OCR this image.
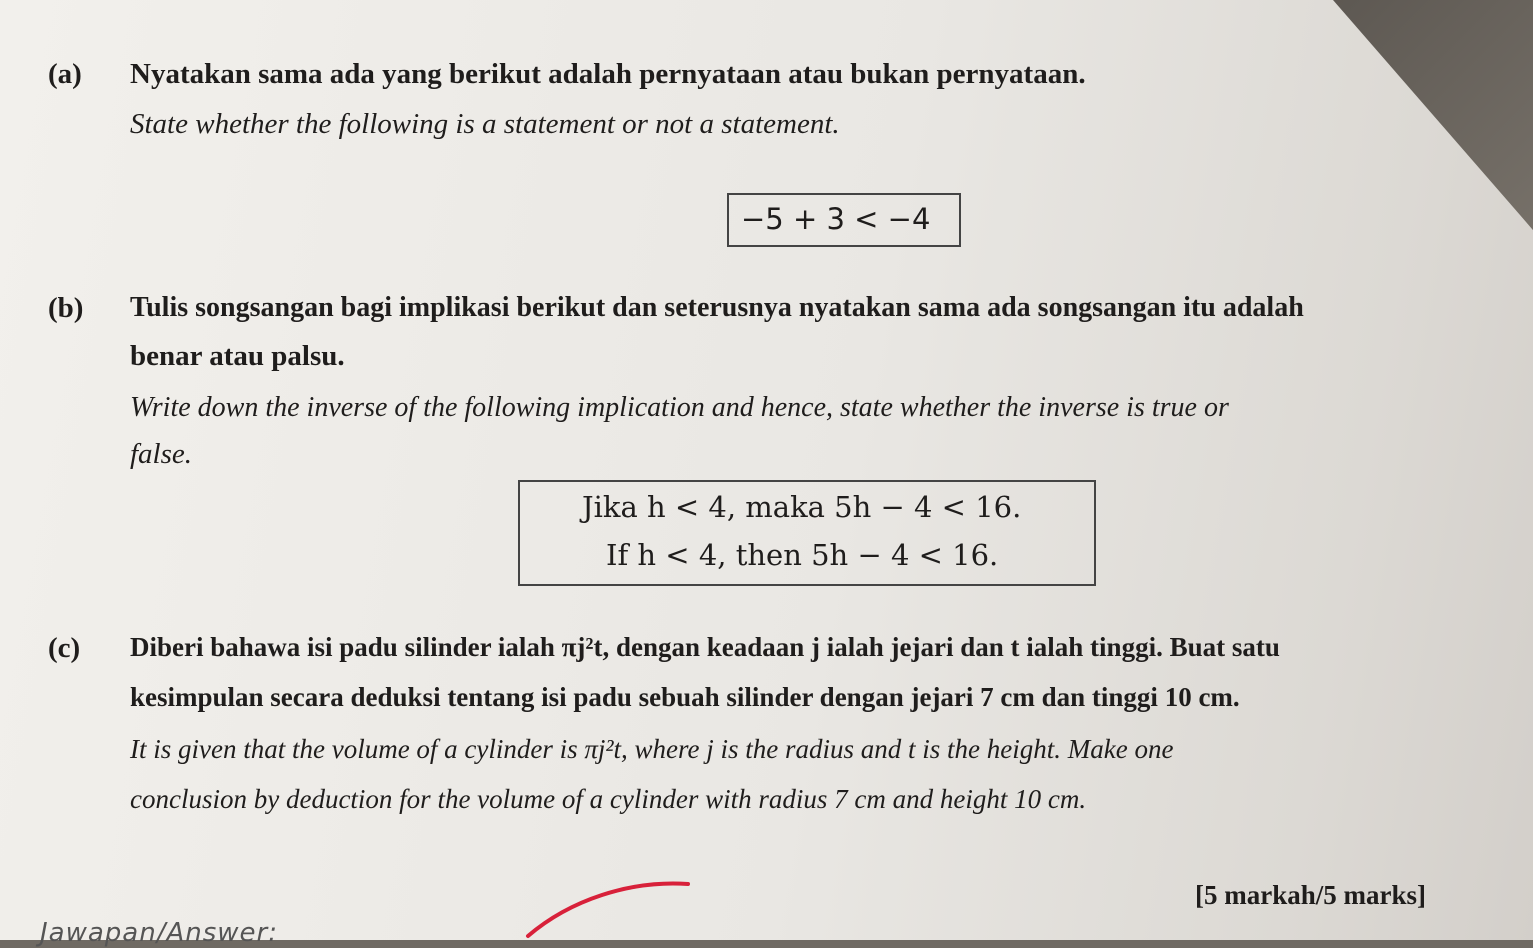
(a) Nyatakan sama ada yang berikut adalah pernyataan atau bukan pernyataan.
State whether the following is a statement or not a statement.
−5 + 3 < −4
(b) Tulis songsangan bagi implikasi berikut dan seterusnya nyatakan sama ada songsangan itu adalah
benar atau palsu.
Write down the inverse of the following implication and hence, state whether the inverse is true or
false.
Jika h < 4, maka 5h − 4 < 16.
If h < 4, then 5h − 4 < 16.
(c) Diberi bahawa isi padu silinder ialah πj²t, dengan keadaan j ialah jejari dan t ialah tinggi. Buat satu
kesimpulan secara deduksi tentang isi padu sebuah silinder dengan jejari 7 cm dan tinggi 10 cm.
It is given that the volume of a cylinder is πj²t, where j is the radius and t is the height. Make one
conclusion by deduction for the volume of a cylinder with radius 7 cm and height 10 cm.
[5 markah/5 marks]
Jawapan/Answer:
